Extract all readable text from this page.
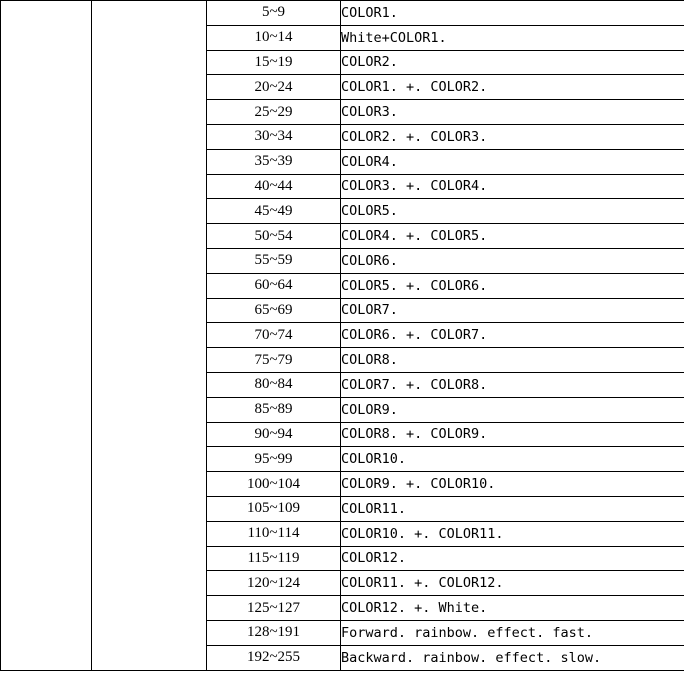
		5~9	COLOR1.
		10~14	White+COLOR1.
		15~19	COLOR2.
		20~24	COLOR1. +. COLOR2.
		25~29	COLOR3.
		30~34	COLOR2. +. COLOR3.
		35~39	COLOR4.
		40~44	COLOR3. +. COLOR4.
		45~49	COLOR5.
		50~54	COLOR4. +. COLOR5.
		55~59	COLOR6.
		60~64	COLOR5. +. COLOR6.
		65~69	COLOR7.
		70~74	COLOR6. +. COLOR7.
		75~79	COLOR8.
		80~84	COLOR7. +. COLOR8.
		85~89	COLOR9.
		90~94	COLOR8. +. COLOR9.
		95~99	COLOR10.
		100~104	COLOR9. +. COLOR10.
		105~109	COLOR11.
		110~114	COLOR10. +. COLOR11.
		115~119	COLOR12.
		120~124	COLOR11. +. COLOR12.
		125~127	COLOR12. +. White.
		128~191	Forward. rainbow. effect. fast.
		192~255	Backward. rainbow. effect. slow.
